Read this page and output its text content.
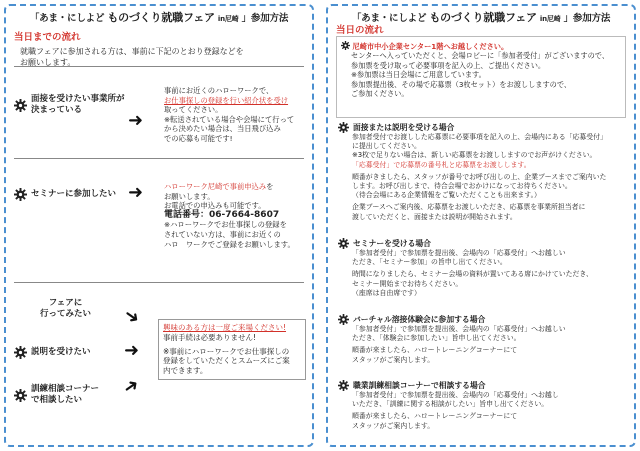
「あま・にしよど ものづくり就職フェア in尼崎 」参加方法
当日までの流れ
就職フェアに参加される方は、事前に下記のとおり登録などを
お願いします。
面接を受けたい事業所が
決まっている	➜
事前にお近くのハローワークで、
お仕事探しの登録を行い紹介状を受け
取ってください。
※転送されている場合や会場にて行って
から決めたい場合は、当日飛び込み
での応募も可能です!
セミナーに参加したい ➜	ハローワーク尼崎で事前申込みを
お願いします。
お電話での申込みも可能です。
電話番号：06-7664-8607
※ハローワークでお仕事探しの登録を
されていない方は、事前にお近くの
ハロ　ワークでご登録をお願いします。
フェアに
行ってみたい
説明を受けたい
訓練相談コーナー
で相談したい
➜
➜
➜
興味のある方は一度ご来場ください!
事前手続は必要ありません!
※事前にハローワークでお仕事探しの
登録をしていただくとスムーズにご案
内できます。
「あま・にしよど ものづくり就職フェア in尼崎 」参加方法
当日の流れ
尼崎市中小企業センター1階へお越しください。
センターへ入っていただくと、会場ロビーに「参加者受付」がございますので、
参加票を受け取って必要事項を記入の上、ご提出ください。
※参加票は当日会場にご用意しています。
参加票提出後、その場で応募票（3枚セット）をお渡ししますので、
ご参加ください。
面接または説明を受ける場合
参加者受付でお渡しした応募票に必要事項を記入の上、会場内にある「応募受付」
に提出してください。
※3枚で足りない場合は、新しい応募票をお渡ししますのでお声がけください。
「応募受付」で応募票の番号札と応募票をお渡しします。
順番がきましたら、スタッフが番号でお呼び出しの上、企業ブースまでご案内いた
します。お呼び出しまで、待合会場でおかけになってお待ちください。
（待合会場にある企業情報をご覧いただくことも出来ます。）
企業ブースへご案内後、応募票をお渡しいただき、応募票を事業所担当者に
渡していただくと、面接または説明が開始されます。
セミナーを受ける場合
「参加者受付」で参加票を提出後、会場内の「応募受付」へお越しい
ただき、「セミナー参加」の旨申し出てください。
時間になりましたら、セミナー会場の資料が置いてある席にかけていただき、
セミナー開始までお待ちください。
（座席は自由席です）
バーチャル溶接体験会に参加する場合
「参加者受付」で参加票を提出後、会場内の「応募受付」へお越しい
ただき、「体験会に参加したい」旨申し出てください。
順番が来ましたら、ハロートレーニングコーナーにて
スタッフがご案内します。
職業訓練相談コーナーで相談する場合
「参加者受付」で参加票を提出後、会場内の「応募受付」へお越し
いただき、「訓練に関する相談がしたい」旨申し出てください。
順番が来ましたら、ハロートレーニングコーナーにて
スタッフがご案内します。
